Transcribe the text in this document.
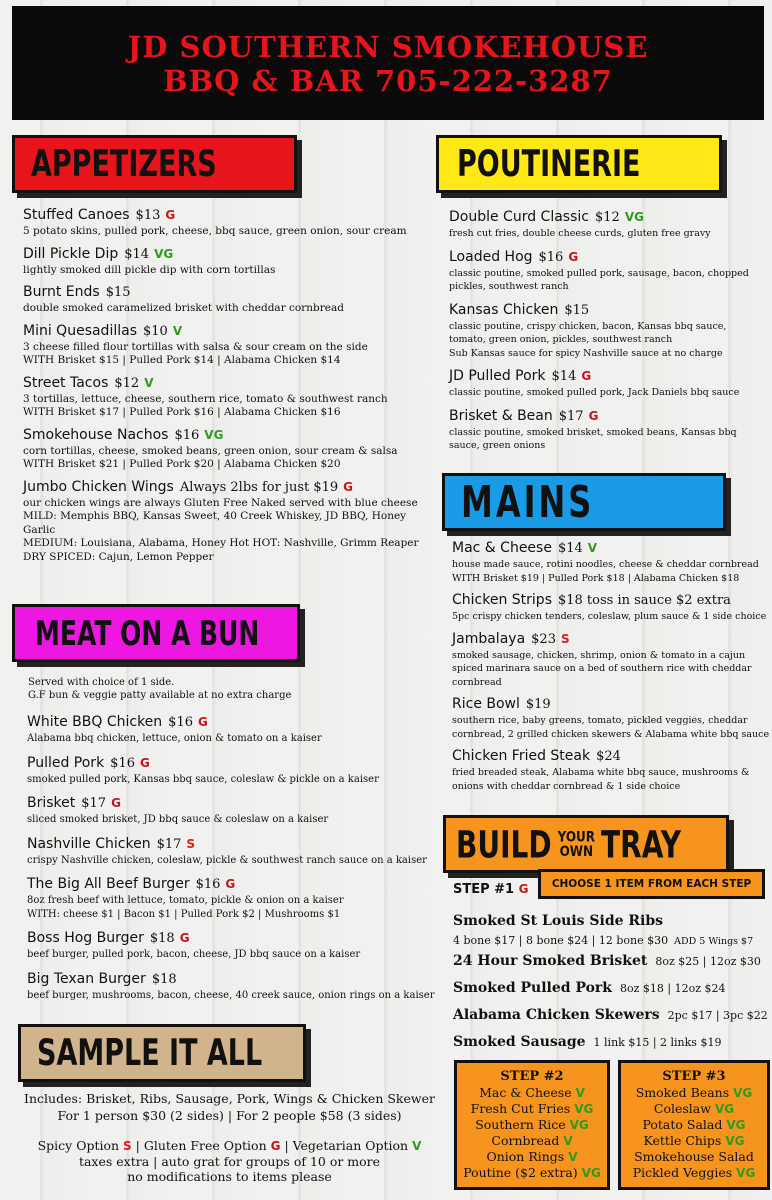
JD SOUTHERN SMOKEHOUSE
BBQ & BAR 705-222-3287
APPETIZERS
Stuffed Canoes $13 G
5 potato skins, pulled pork, cheese, bbq sauce, green onion, sour cream
Dill Pickle Dip $14 VG
lightly smoked dill pickle dip with corn tortillas
Burnt Ends $15
double smoked caramelized brisket with cheddar cornbread
Mini Quesadillas $10 V
3 cheese filled flour tortillas with salsa & sour cream on the side
WITH Brisket $15 | Pulled Pork $14 | Alabama Chicken $14
Street Tacos $12 V
3 tortillas, lettuce, cheese, southern rice, tomato & southwest ranch
WITH Brisket $17 | Pulled Pork $16 | Alabama Chicken $16
Smokehouse Nachos $16 VG
corn tortillas, cheese, smoked beans, green onion, sour cream & salsa
WITH Brisket $21 | Pulled Pork $20 | Alabama Chicken $20
Jumbo Chicken Wings Always 2lbs for just $19 G
our chicken wings are always Gluten Free Naked served with blue cheese
MILD: Memphis BBQ, Kansas Sweet, 40 Creek Whiskey, JD BBQ, Honey Garlic
MEDIUM: Louisiana, Alabama, Honey Hot HOT: Nashville, Grimm Reaper
DRY SPICED: Cajun, Lemon Pepper
MEAT ON A BUN
Served with choice of 1 side.
G.F bun & veggie patty available at no extra charge
White BBQ Chicken $16 G
Alabama bbq chicken, lettuce, onion & tomato on a kaiser
Pulled Pork $16 G
smoked pulled pork, Kansas bbq sauce, coleslaw & pickle on a kaiser
Brisket $17 G
sliced smoked brisket, JD bbq sauce & coleslaw on a kaiser
Nashville Chicken $17 S
crispy Nashville chicken, coleslaw, pickle & southwest ranch sauce on a kaiser
The Big All Beef Burger $16 G
8oz fresh beef with lettuce, tomato, pickle & onion on a kaiser
WITH: cheese $1 | Bacon $1 | Pulled Pork $2 | Mushrooms $1
Boss Hog Burger $18 G
beef burger, pulled pork, bacon, cheese, JD bbq sauce on a kaiser
Big Texan Burger $18
beef burger, mushrooms, bacon, cheese, 40 creek sauce, onion rings on a kaiser
SAMPLE IT ALL
Includes: Brisket, Ribs, Sausage, Pork, Wings & Chicken Skewer
For 1 person $30 (2 sides) | For 2 people $58 (3 sides)
Spicy Option S | Gluten Free Option G | Vegetarian Option V
taxes extra | auto grat for groups of 10 or more
no modifications to items please
POUTINERIE
Double Curd Classic $12 VG
fresh cut fries, double cheese curds, gluten free gravy
Loaded Hog $16 G
classic poutine, smoked pulled pork, sausage, bacon, chopped
pickles, southwest ranch
Kansas Chicken $15
classic poutine, crispy chicken, bacon, Kansas bbq sauce,
tomato, green onion, pickles, southwest ranch
Sub Kansas sauce for spicy Nashville sauce at no charge
JD Pulled Pork $14 G
classic poutine, smoked pulled pork, Jack Daniels bbq sauce
Brisket & Bean $17 G
classic poutine, smoked brisket, smoked beans, Kansas bbq
sauce, green onions
MAINS
Mac & Cheese $14 V
house made sauce, rotini noodles, cheese & cheddar cornbread
WITH Brisket $19 | Pulled Pork $18 | Alabama Chicken $18
Chicken Strips $18 toss in sauce $2 extra
5pc crispy chicken tenders, coleslaw, plum sauce & 1 side choice
Jambalaya $23 S
smoked sausage, chicken, shrimp, onion & tomato in a cajun
spiced marinara sauce on a bed of southern rice with cheddar
cornbread
Rice Bowl $19
southern rice, baby greens, tomato, pickled veggies, cheddar
cornbread, 2 grilled chicken skewers & Alabama white bbq sauce
Chicken Fried Steak $24
fried breaded steak, Alabama white bbq sauce, mushrooms &
onions with cheddar cornbread & 1 side choice
BUILD YOUR
OWN TRAY
STEP #1 G CHOOSE 1 ITEM FROM EACH STEP
Smoked St Louis Side Ribs
4 bone $17 | 8 bone $24 | 12 bone $30 ADD 5 Wings $7
24 Hour Smoked Brisket 8oz $25 | 12oz $30
Smoked Pulled Pork 8oz $18 | 12oz $24
Alabama Chicken Skewers 2pc $17 | 3pc $22
Smoked Sausage 1 link $15 | 2 links $19
STEP #2
Mac & Cheese V
Fresh Cut Fries VG
Southern Rice VG
Cornbread V
Onion Rings V
Poutine ($2 extra) VG
STEP #3
Smoked Beans VG
Coleslaw VG
Potato Salad VG
Kettle Chips VG
Smokehouse Salad
Pickled Veggies VG
